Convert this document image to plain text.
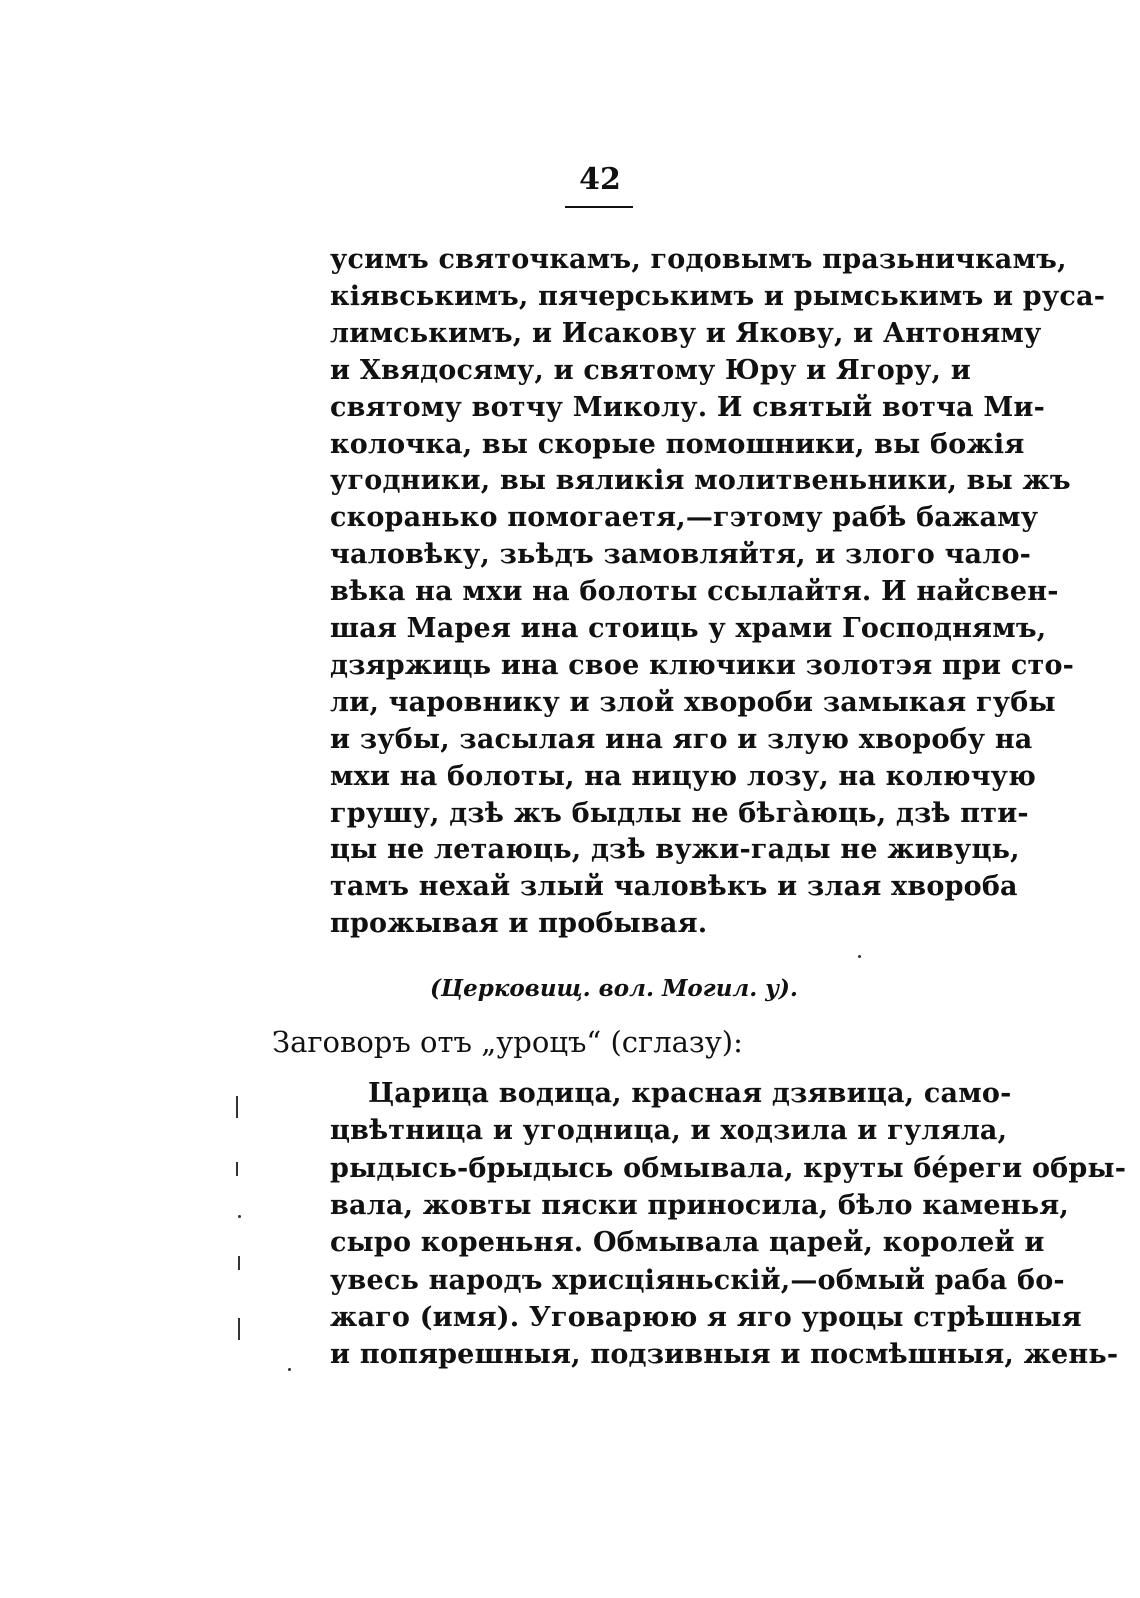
42
усимъ святочкамъ, годовымъ празьничкамъ,
кiявськимъ, пячерськимъ и рымськимъ и руса-
лимськимъ, и Исакову и Якову, и Антоняму
и Хвядосяму, и святому Юру и Ягору, и
святому вотчу Миколу. И святый вотча Ми-
колочка, вы скорые помошники, вы божiя
угодники, вы вяликiя молитвеньники, вы жъ
скоранько помогаетя,—гэтому рабѣ бажаму
чаловѣку, зьѣдъ замовляйтя, и злого чало-
вѣка на мхи на болоты ссылайтя. И найсвен-
шая Марея ина стоиць у храми Господнямъ,
дзяржиць ина свое ключики золотэя при сто-
ли, чаровнику и злой хвороби замыкая губы
и зубы, засылая ина яго и злую хворобу на
мхи на болоты, на ницую лозу, на колючую
грушу, дзѣ жъ быдлы не бѣгàюць, дзѣ пти-
цы не летаюць, дзѣ вужи-гады не живуць,
тамъ нехай злый чаловѣкъ и злая хвороба
прожывая и пробывая.
(Церковищ. вол. Могил. у).
Заговоръ отъ „уроцъ“ (сглазу):
Царица водица, красная дзявица, само-
цвѣтница и угодница, и ходзила и гуляла,
рыдысь-брыдысь обмывала, круты бéреги обры-
вала, жовты пяски приносила, бѣло каменья,
сыро кореньня. Обмывала царей, королей и
увесь народъ хрисцiяньскiй,—обмый раба бо-
жаго (имя). Уговарюю я яго урoцы стрѣшныя
и попярешныя, подзивныя и посмѣшныя, жень-
